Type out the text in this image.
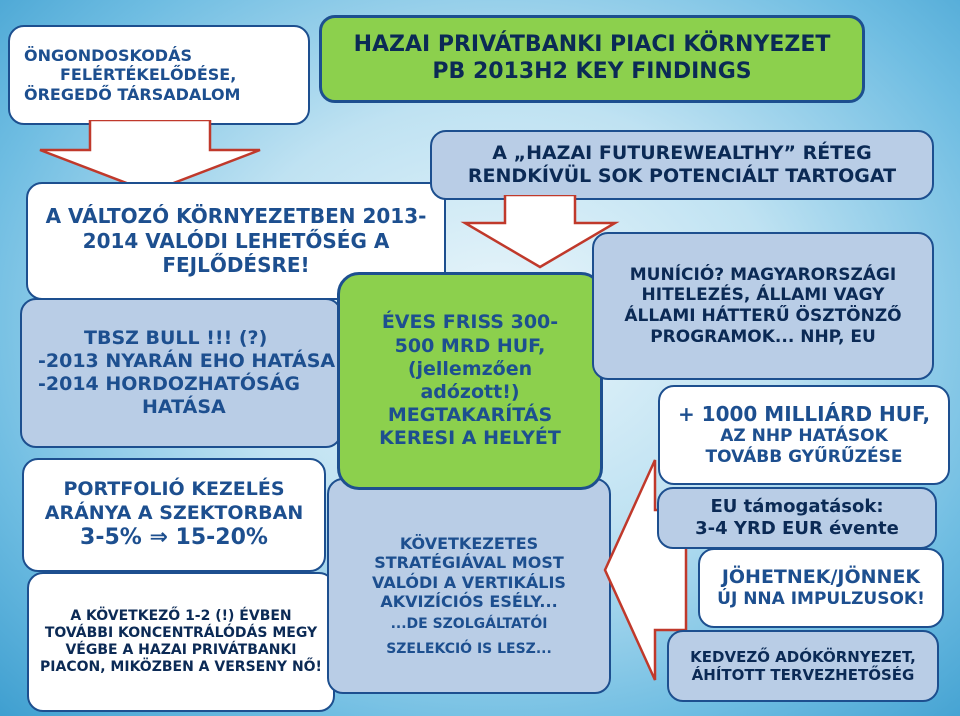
HAZAI PRIVÁTBANKI PIACI KÖRNYEZET
PB 2013H2 KEY FINDINGS
ÖNGONDOSKODÁS
FELÉRTÉKELŐDÉSE,
ÖREGEDŐ TÁRSADALOM
A VÁLTOZÓ KÖRNYEZETBEN 2013-
2014 VALÓDI LEHETŐSÉG A
FEJLŐDÉSRE!
TBSZ BULL !!! (?)
-2013 NYARÁN EHO HATÁSA
-2014 HORDOZHATÓSÁG
HATÁSA
PORTFOLIÓ KEZELÉS
ARÁNYA A SZEKTORBAN
3-5% ⇒ 15-20%
A KÖVETKEZŐ 1-2 (!) ÉVBEN
TOVÁBBI KONCENTRÁLÓDÁS MEGY
VÉGBE A HAZAI PRIVÁTBANKI
PIACON, MIKÖZBEN A VERSENY NŐ!
A „HAZAI FUTUREWEALTHY” RÉTEG
RENDKÍVÜL SOK POTENCIÁLT TARTOGAT
KÖVETKEZETES
STRATÉGIÁVAL MOST
VALÓDI A VERTIKÁLIS
AKVIZÍCIÓS ESÉLY...
...DE SZOLGÁLTATÓI
SZELEKCIÓ IS LESZ...
ÉVES FRISS 300-
500 MRD HUF,
(jellemzően
adózott!)
MEGTAKARÍTÁS
KERESI A HELYÉT
MUNÍCIÓ? MAGYARORSZÁGI
HITELEZÉS, ÁLLAMI VAGY
ÁLLAMI HÁTTERŰ ÖSZTÖNZŐ
PROGRAMOK... NHP, EU
+ 1000 MILLIÁRD HUF,
AZ NHP HATÁSOK
TOVÁBB GYŰRŰZÉSE
EU támogatások:
3-4 YRD EUR évente
JÖHETNEK/JÖNNEK
ÚJ NNA IMPULZUSOK!
KEDVEZŐ ADÓKÖRNYEZET,
ÁHÍTOTT TERVEZHETŐSÉG
